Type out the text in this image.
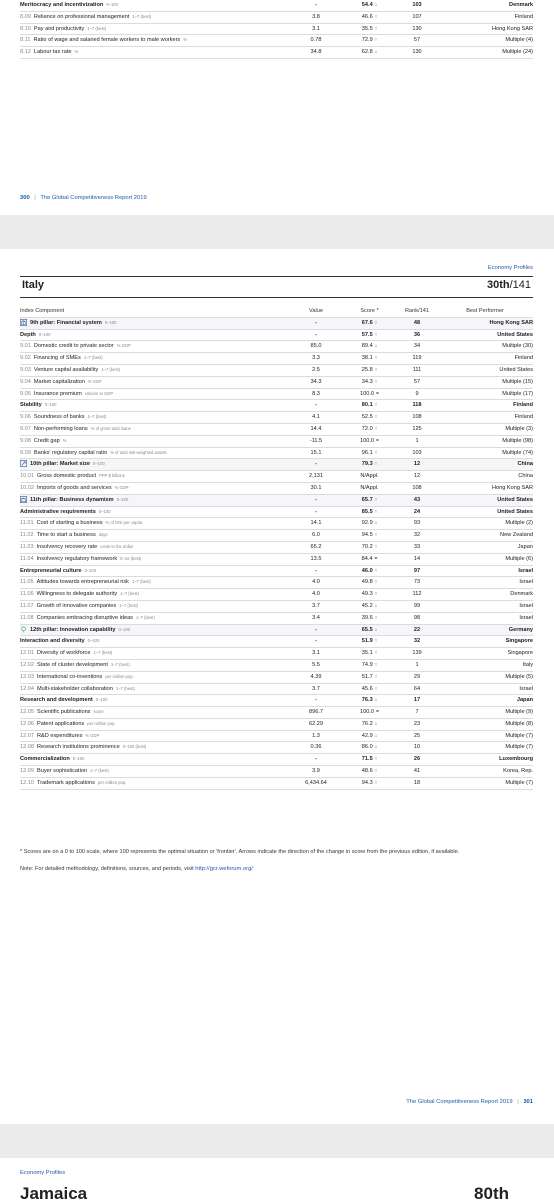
Meritocracy and incentivization 0–100	-	54.4 ↓	103	Denmark
8.09 Reliance on professional management 1–7 (best)	3.8	46.6 ↑	107	Finland
8.10 Pay and productivity 1–7 (best)	3.1	35.5 ↑	130	Hong Kong SAR
8.11 Ratio of wage and salaried female workers to male workers %	0.78	72.9 ↑	57	Multiple (4)
8.12 Labour tax rate %	34.8	62.8 ↓	130	Multiple (24)
300 | The Global Competitiveness Report 2019
Economy Profiles
Italy	30th/141
Index Component	Value	Score *	Rank/141	Best Performer
9th pillar: Financial system 0–100	-	67.6 ↑	48	Hong Kong SAR
Depth 0–100	-	57.5 ↑	36	United States
9.01 Domestic credit to private sector % GDP	85.0	89.4 ↓	34	Multiple (30)
9.02 Financing of SMEs 1–7 (best)	3.3	38.1 ↑	119	Finland
9.03 Venture capital availability 1–7 (best)	2.5	25.8 ↑	111	United States
9.04 Market capitalization % GDP	34.3	34.3 ↑	57	Multiple (15)
9.05 Insurance premium volume to GDP	8.3	100.0 =	9	Multiple (17)
Stability 0–100	-	80.1 ↑	118	Finland
9.06 Soundness of banks 1–7 (best)	4.1	52.5 ↑	108	Finland
9.07 Non-performing loans % of gross total loans	14.4	72.0 ↑	125	Multiple (3)
9.08 Credit gap %	-11.5	100.0 =	1	Multiple (98)
9.09 Banks' regulatory capital ratio % of total risk-weighted assets	15.1	96.1 ↑	103	Multiple (74)
10th pillar: Market size 0–100	-	79.3 ↑	12	China
10.01 Gross domestic product PPP $ billions	2,131	N/Appl.	12	China
10.02 Imports of goods and services % GDP	30.1	N/Appl.	108	Hong Kong SAR
11th pillar: Business dynamism 0–100	-	65.7 ↑	43	United States
Administrative requirements 0–100	-	85.5 ↑	24	United States
11.01 Cost of starting a business % of GNI per capita	14.1	92.9 ↓	93	Multiple (2)
11.02 Time to start a business days	6.0	94.5 ↑	32	New Zealand
11.03 Insolvency recovery rate cents to the dollar	65.2	70.2 ↑	33	Japan
11.04 Insolvency regulatory framework 0–16 (best)	13.5	84.4 =	14	Multiple (6)
Entrepreneurial culture 0–100	-	46.0 ↑	97	Israel
11.05 Attitudes towards entrepreneurial risk 1–7 (best)	4.0	49.8 ↑	73	Israel
11.06 Willingness to delegate authority 1–7 (best)	4.0	49.3 ↑	112	Denmark
11.07 Growth of innovative companies 1–7 (best)	3.7	45.2 ↓	99	Israel
11.08 Companies embracing disruptive ideas 1–7 (best)	3.4	39.6 ↑	98	Israel
12th pillar: Innovation capability 0–100	-	65.5 ↓	22	Germany
Interaction and diversity 0–100	-	51.9 ↑	32	Singapore
12.01 Diversity of workforce 1–7 (best)	3.1	35.1 ↑	139	Singapore
12.02 State of cluster development 1–7 (best)	5.5	74.9 ↑	1	Italy
12.03 International co-inventions per million pop.	4.39	51.7 ↑	29	Multiple (5)
12.04 Multi-stakeholder collaboration 1–7 (best)	3.7	45.6 ↑	64	Israel
Research and development 0–100	-	76.3 ↓	17	Japan
12.05 Scientific publications score	896.7	100.0 =	7	Multiple (9)
12.06 Patent applications per million pop.	62.29	76.2 ↓	23	Multiple (8)
12.07 R&D expenditures % GDP	1.3	42.9 ↓	25	Multiple (7)
12.08 Research institutions prominence 0–100 (best)	0.36	86.0 ↓	10	Multiple (7)
Commercialization 0–100	-	71.5 ↑	26	Luxembourg
12.09 Buyer sophistication 1–7 (best)	3.9	48.6 ↑	41	Korea, Rep.
12.10 Trademark applications per million pop.	6,434.64	94.3 ↑	18	Multiple (7)
* Scores are on a 0 to 100 scale, where 100 represents the optimal situation or 'frontier'. Arrows indicate the direction of the change in score from the previous edition, if available.
Note: For detailed methodology, definitions, sources, and periods, visit http://gcr.weforum.org/
The Global Competitiveness Report 2019 | 301
Economy Profiles
Jamaica	80th
